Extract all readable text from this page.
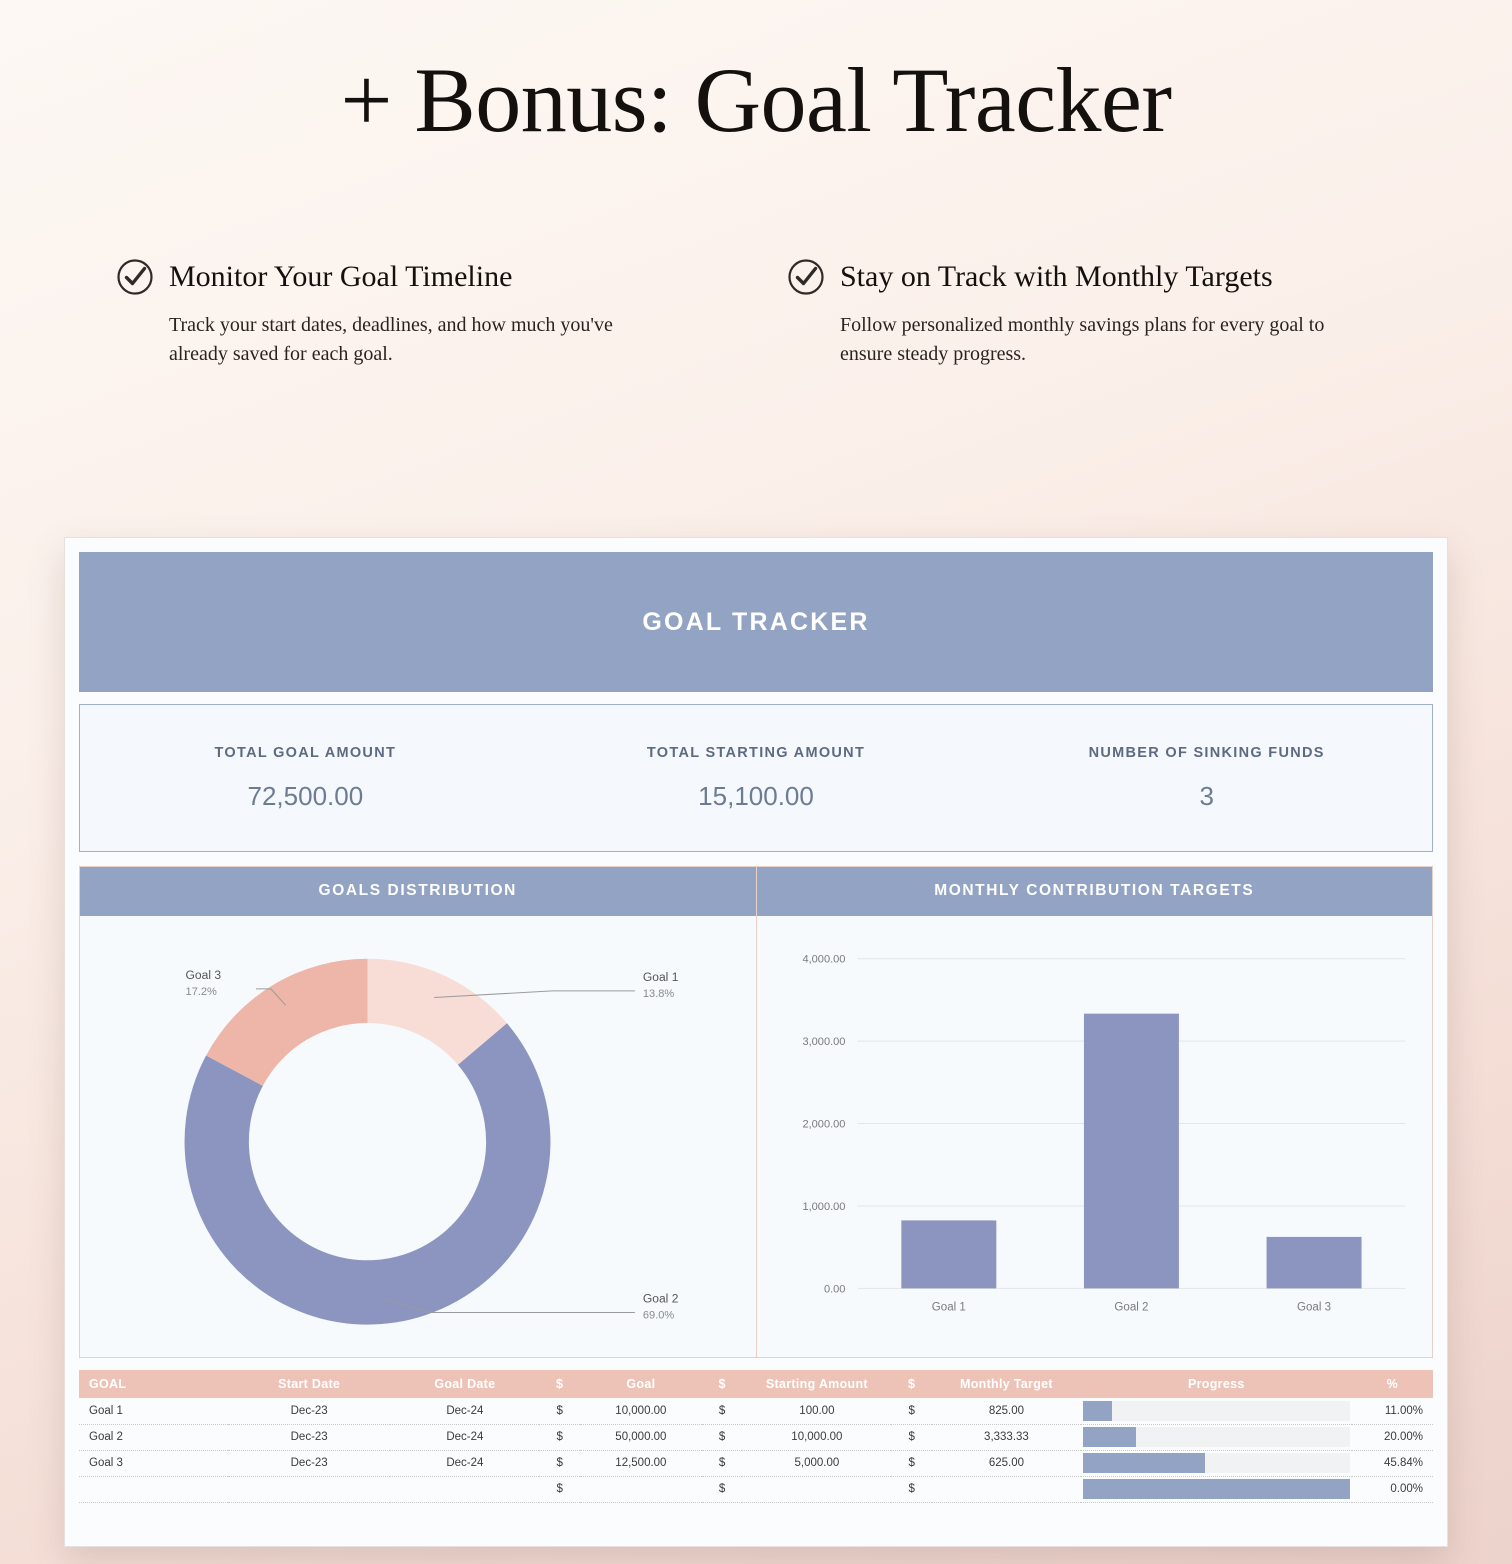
+ Bonus: Goal Tracker
Monitor Your Goal Timeline

Track your start dates, deadlines, and how much you've already saved for each goal.

Stay on Track with Monthly Targets

Follow personalized monthly savings plans for every goal to ensure steady progress.

GOAL TRACKER
TOTAL GOAL AMOUNT
72,500.00
TOTAL STARTING AMOUNT
15,100.00
NUMBER OF SINKING FUNDS
3
GOALS DISTRIBUTION
Goal 1
13.8%
Goal 2
69.0%
Goal 3
17.2%
MONTHLY CONTRIBUTION TARGETS
0.00
1,000.00
2,000.00
3,000.00
4,000.00
Goal 1	Goal 2	Goal 3
GOAL	Start Date	Goal Date	$	Goal	$	Starting Amount	$	Monthly Target	Progress	%
Goal 1	Dec-23	Dec-24	$	10,000.00	$	100.00	$	825.00		11.00%
Goal 2	Dec-23	Dec-24	$	50,000.00	$	10,000.00	$	3,333.33		20.00%
Goal 3	Dec-23	Dec-24	$	12,500.00	$	5,000.00	$	625.00		45.84%
			$		$		$			0.00%
